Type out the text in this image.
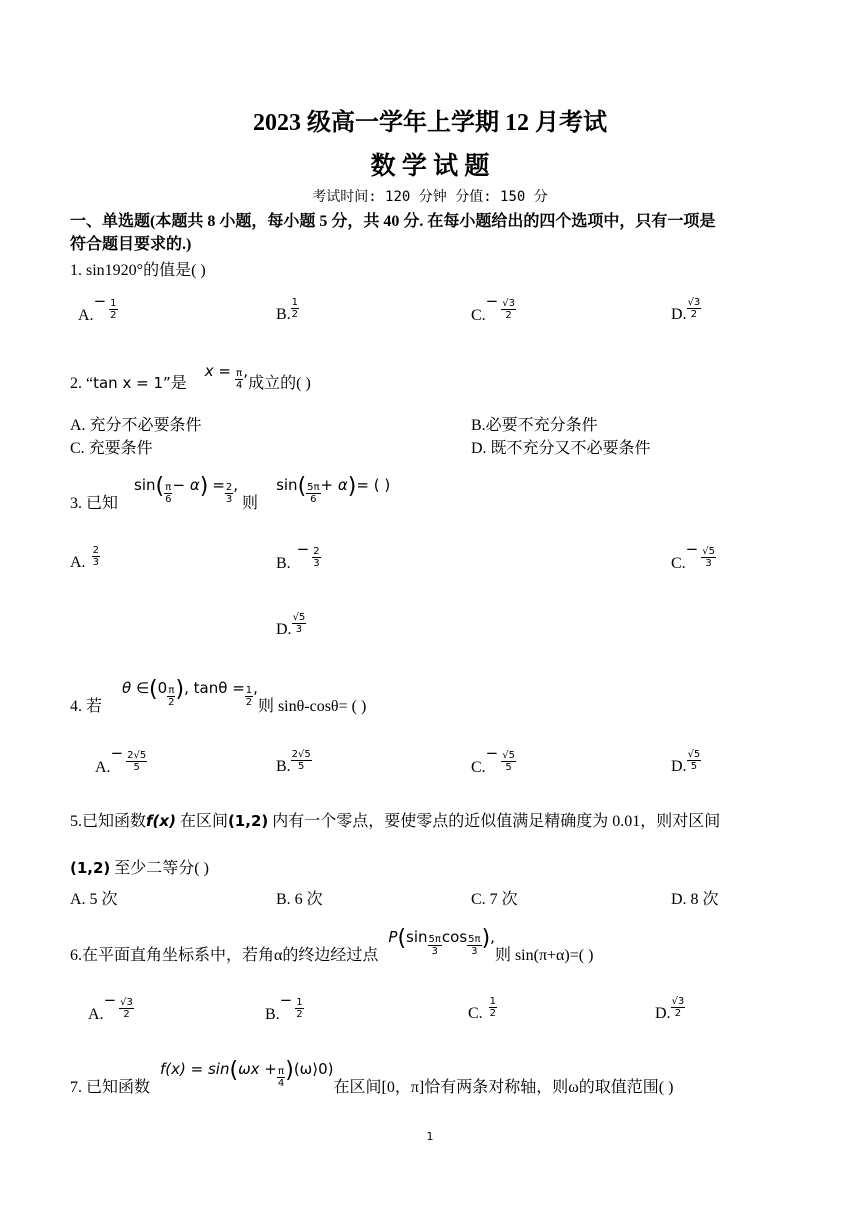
2023 级高一学年上学期 12 月考试
数 学 试 题
考试时间: 120 分钟 分值: 150 分
一、单选题(本题共 8 小题，每小题 5 分，共 40 分. 在每小题给出的四个选项中，只有一项是
符合题目要求的.)
1. sin1920°的值是( )
$A.- \frac{1}{2}$	B. $\frac{1}{2}$	$C.- \frac{√3}{2}$	D. $\frac{√3}{2}$
2. “tan x = 1”是$x = \frac{\pi}{4}$ ,成立的( )
A. 充分不必要条件	B.必要不充分条件
C. 充要条件	D. 既不充分又不必要条件
3. 已知 $\sin( \frac{\pi}{6} - \alpha) = \frac{2}{3}$ , 则 $\sin( \frac{5\pi}{6} + \alpha)=$ ( )
A. $\frac{2}{3}$	$B.- \frac{2}{3}$	$C.- \frac{√5}{3}$
D. $\frac{√5}{3}$
4. 若 θ ∈(0 $\frac{\pi}{2}$ ), $\tan\theta = \frac{1}{2}$ ,则 sinθ-cosθ= ( )
$A.- \frac{2√5}{5}$	B. $\frac{2√5}{5}$	$C.- \frac{√5}{5}$	D. $\frac{√5}{5}$
5.已知函数f(x) 在区间(1,2) 内有一个零点，要使零点的近似值满足精确度为 0.01，则对区间
(1,2) 至少二等分( )
A. 5 次	B. 6 次	C. 7 次	D. 8 次
6.在平面直角坐标系中，若角α的终边经过点 $P(\sin \frac{5\pi}{3}$ $\cos \frac{5\pi}{3}$ ),则 sin(π+α)=( )
$A.- \frac{√3}{2}$	$B.- \frac{1}{2}$	C. $\frac{1}{2}$	D. $\frac{√3}{2}$
7. 已知函数 $f(x) = \sin(\omega x + \frac{\pi}{4}$ )(ω⟩0)在区间[0，π]恰有两条对称轴，则ω的取值范围( )
1
